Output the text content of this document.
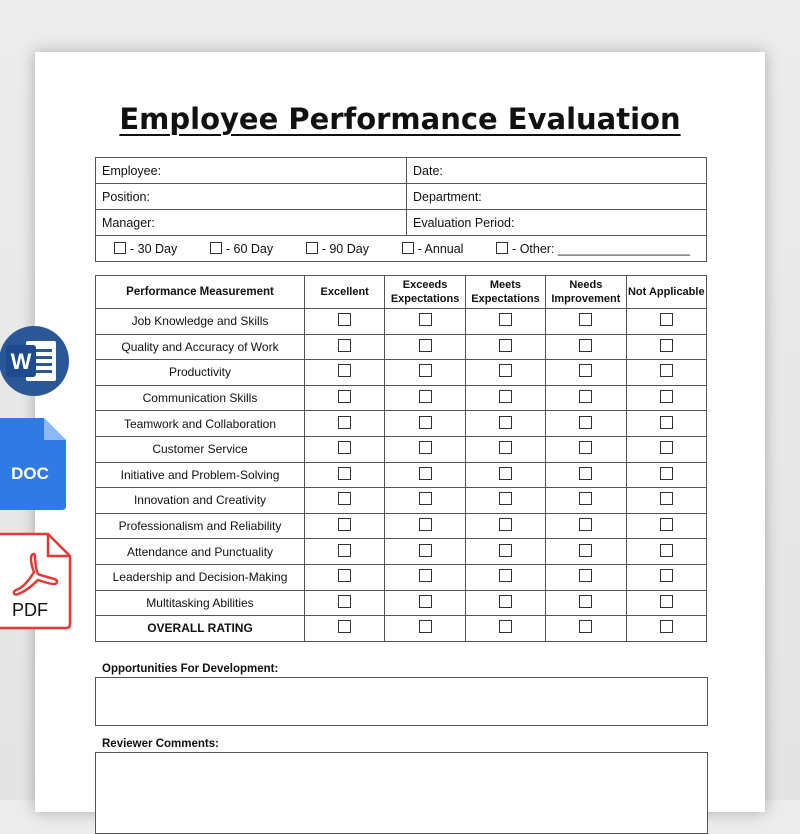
Employee Performance Evaluation
Employee:	Date:
Position:	Department:
Manager:	Evaluation Period:

- 30 Day - 60 Day - 90 Day - Annual - Other: ___________________	
Performance Measurement	Excellent	Exceeds Expectations	Meets Expectations	Needs Improvement	Not Applicable
Job Knowledge and Skills					
Quality and Accuracy of Work					
Productivity					
Communication Skills					
Teamwork and Collaboration					
Customer Service					
Initiative and Problem-Solving					
Innovation and Creativity					
Professionalism and Reliability					
Attendance and Punctuality					
Leadership and Decision-Making					
Multitasking Abilities					
OVERALL RATING					
Opportunities For Development:
Reviewer Comments:
W
DOC
PDF
